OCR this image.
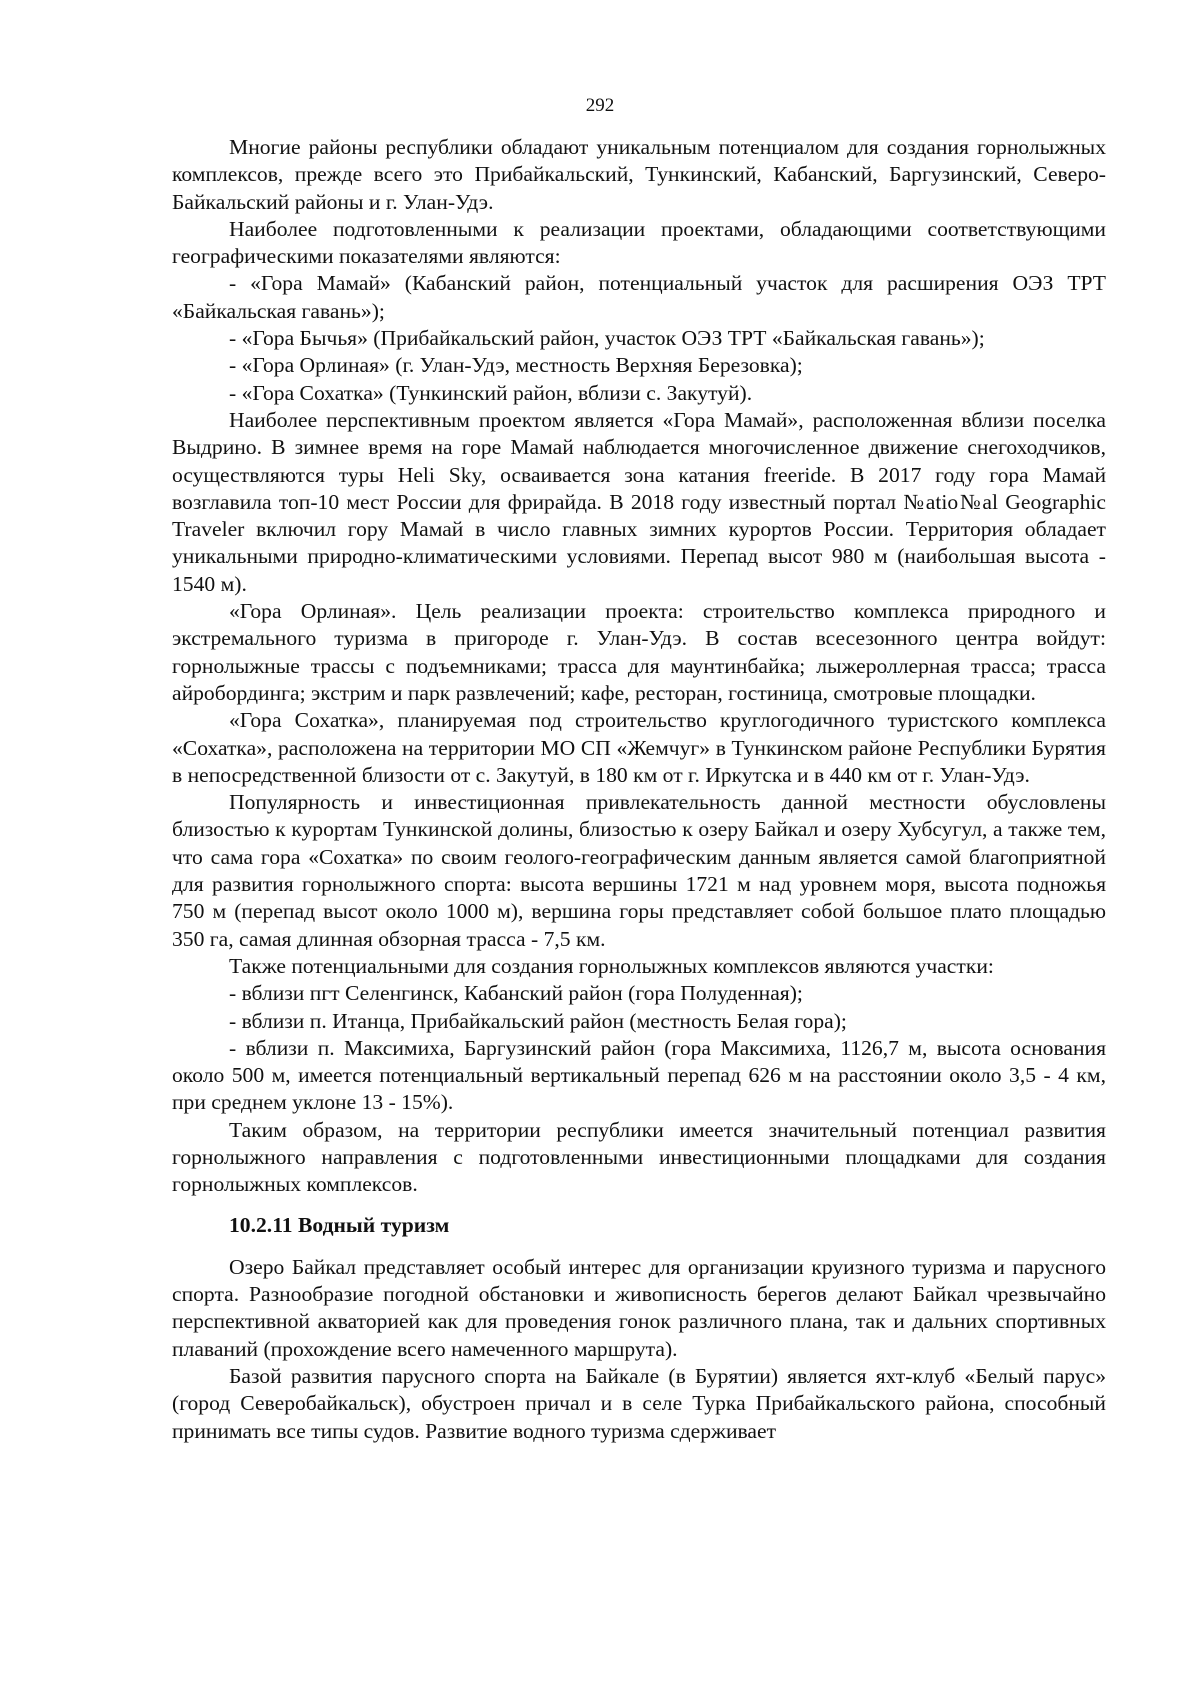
292

Многие районы республики обладают уникальным потенциалом для создания горнолыжных комплексов, прежде всего это Прибайкальский, Тункинский, Кабанский, Баргузинский, Северо-Байкальский районы и г. Улан-Удэ.

Наиболее подготовленными к реализации проектами, обладающими соответствующими географическими показателями являются:

- «Гора Мамай» (Кабанский район, потенциальный участок для расширения ОЭЗ ТРТ «Байкальская гавань»);

- «Гора Бычья» (Прибайкальский район, участок ОЭЗ ТРТ «Байкальская гавань»);

- «Гора Орлиная» (г. Улан-Удэ, местность Верхняя Березовка);

- «Гора Сохатка» (Тункинский район, вблизи с. Закутуй).

Наиболее перспективным проектом является «Гора Мамай», расположенная вблизи поселка Выдрино. В зимнее время на горе Мамай наблюдается многочисленное движение снегоходчиков, осуществляются туры Heli Sky, осваивается зона катания freeride. В 2017 году гора Мамай возглавила топ-10 мест России для фрирайда. В 2018 году известный портал №atio№al Geographic Traveler включил гору Мамай в число главных зимних курортов России. Территория обладает уникальными природно-климатическими условиями. Перепад высот 980 м (наибольшая высота - 1540 м).

«Гора Орлиная». Цель реализации проекта: строительство комплекса природного и экстремального туризма в пригороде г. Улан-Удэ. В состав всесезонного центра войдут: горнолыжные трассы с подъемниками; трасса для маунтинбайка; лыжероллерная трасса; трасса айробординга; экстрим и парк развлечений; кафе, ресторан, гостиница, смотровые площадки.

«Гора Сохатка», планируемая под строительство круглогодичного туристского комплекса «Сохатка», расположена на территории МО СП «Жемчуг» в Тункинском районе Республики Бурятия в непосредственной близости от с. Закутуй, в 180 км от г. Иркутска и в 440 км от г. Улан-Удэ.

Популярность и инвестиционная привлекательность данной местности обусловлены близостью к курортам Тункинской долины, близостью к озеру Байкал и озеру Хубсугул, а также тем, что сама гора «Сохатка» по своим геолого-географическим данным является самой благоприятной для развития горнолыжного спорта: высота вершины 1721 м над уровнем моря, высота подножья 750 м (перепад высот около 1000 м), вершина горы представляет собой большое плато площадью 350 га, самая длинная обзорная трасса - 7,5 км.

Также потенциальными для создания горнолыжных комплексов являются участки:

- вблизи пгт Селенгинск, Кабанский район (гора Полуденная);

- вблизи п. Итанца, Прибайкальский район (местность Белая гора);

- вблизи п. Максимиха, Баргузинский район (гора Максимиха, 1126,7 м, высота основания около 500 м, имеется потенциальный вертикальный перепад 626 м на расстоянии около 3,5 - 4 км, при среднем уклоне 13 - 15%).

Таким образом, на территории республики имеется значительный потенциал развития горнолыжного направления с подготовленными инвестиционными площадками для создания горнолыжных комплексов.

10.2.11 Водный туризм

Озеро Байкал представляет особый интерес для организации круизного туризма и парусного спорта. Разнообразие погодной обстановки и живописность берегов делают Байкал чрезвычайно перспективной акваторией как для проведения гонок различного плана, так и дальних спортивных плаваний (прохождение всего намеченного маршрута).

Базой развития парусного спорта на Байкале (в Бурятии) является яхт-клуб «Белый парус» (город Северобайкальск), обустроен причал и в селе Турка Прибайкальского района, способный принимать все типы судов. Развитие водного туризма сдерживает
